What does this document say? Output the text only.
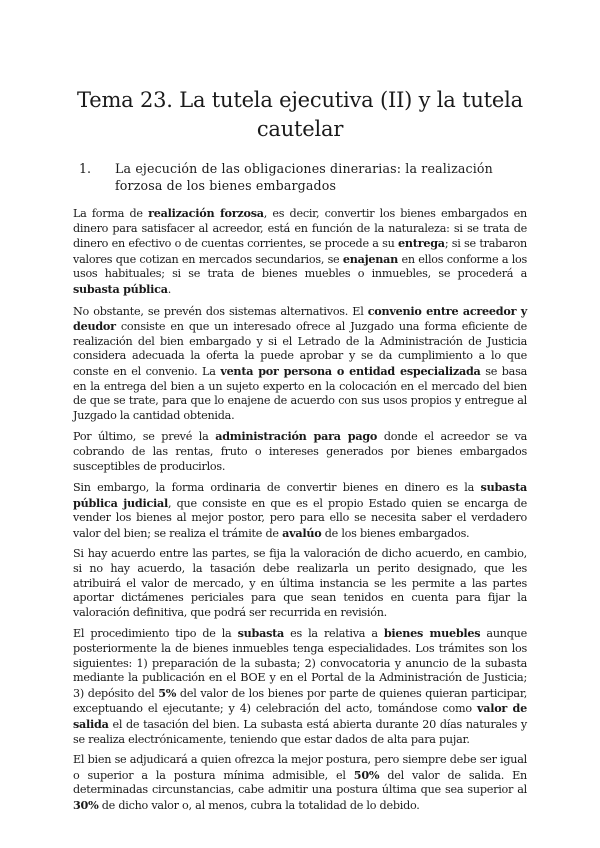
Tema 23. La tutela ejecutiva (II) y la tutela cautelar
1.	La ejecución de las obligaciones dinerarias: la realización forzosa de los bienes embargados

La forma de realización forzosa, es decir, convertir los bienes embargados en dinero para satisfacer al acreedor, está en función de la naturaleza: si se trata de dinero en efectivo o de cuentas corrientes, se procede a su entrega; si se trabaron valores que cotizan en mercados secundarios, se enajenan en ellos conforme a los usos habituales; si se trata de bienes muebles o inmuebles, se procederá a subasta pública.

No obstante, se prevén dos sistemas alternativos. El convenio entre acreedor y deudor consiste en que un interesado ofrece al Juzgado una forma eficiente de realización del bien embargado y si el Letrado de la Administración de Justicia considera adecuada la oferta la puede aprobar y se da cumplimiento a lo que conste en el convenio. La venta por persona o entidad especializada se basa en la entrega del bien a un sujeto experto en la colocación en el mercado del bien de que se trate, para que lo enajene de acuerdo con sus usos propios y entregue al Juzgado la cantidad obtenida.

Por último, se prevé la administración para pago donde el acreedor se va cobrando de las rentas, fruto o intereses generados por bienes embargados susceptibles de producirlos.

Sin embargo, la forma ordinaria de convertir bienes en dinero es la subasta pública judicial, que consiste en que es el propio Estado quien se encarga de vender los bienes al mejor postor, pero para ello se necesita saber el verdadero valor del bien; se realiza el trámite de avalúo de los bienes embargados.

Si hay acuerdo entre las partes, se fija la valoración de dicho acuerdo, en cambio, si no hay acuerdo, la tasación debe realizarla un perito designado, que les atribuirá el valor de mercado, y en última instancia se les permite a las partes aportar dictámenes periciales para que sean tenidos en cuenta para fijar la valoración definitiva, que podrá ser recurrida en revisión.

El procedimiento tipo de la subasta es la relativa a bienes muebles aunque posteriormente la de bienes inmuebles tenga especialidades. Los trámites son los siguientes: 1) preparación de la subasta; 2) convocatoria y anuncio de la subasta mediante la publicación en el BOE y en el Portal de la Administración de Justicia; 3) depósito del 5% del valor de los bienes por parte de quienes quieran participar, exceptuando el ejecutante; y 4) celebración del acto, tomándose como valor de salida el de tasación del bien. La subasta está abierta durante 20 días naturales y se realiza electrónicamente, teniendo que estar dados de alta para pujar.

El bien se adjudicará a quien ofrezca la mejor postura, pero siempre debe ser igual o superior a la postura mínima admisible, el 50% del valor de salida. En determinadas circunstancias, cabe admitir una postura última que sea superior al 30% de dicho valor o, al menos, cubra la totalidad de lo debido.
